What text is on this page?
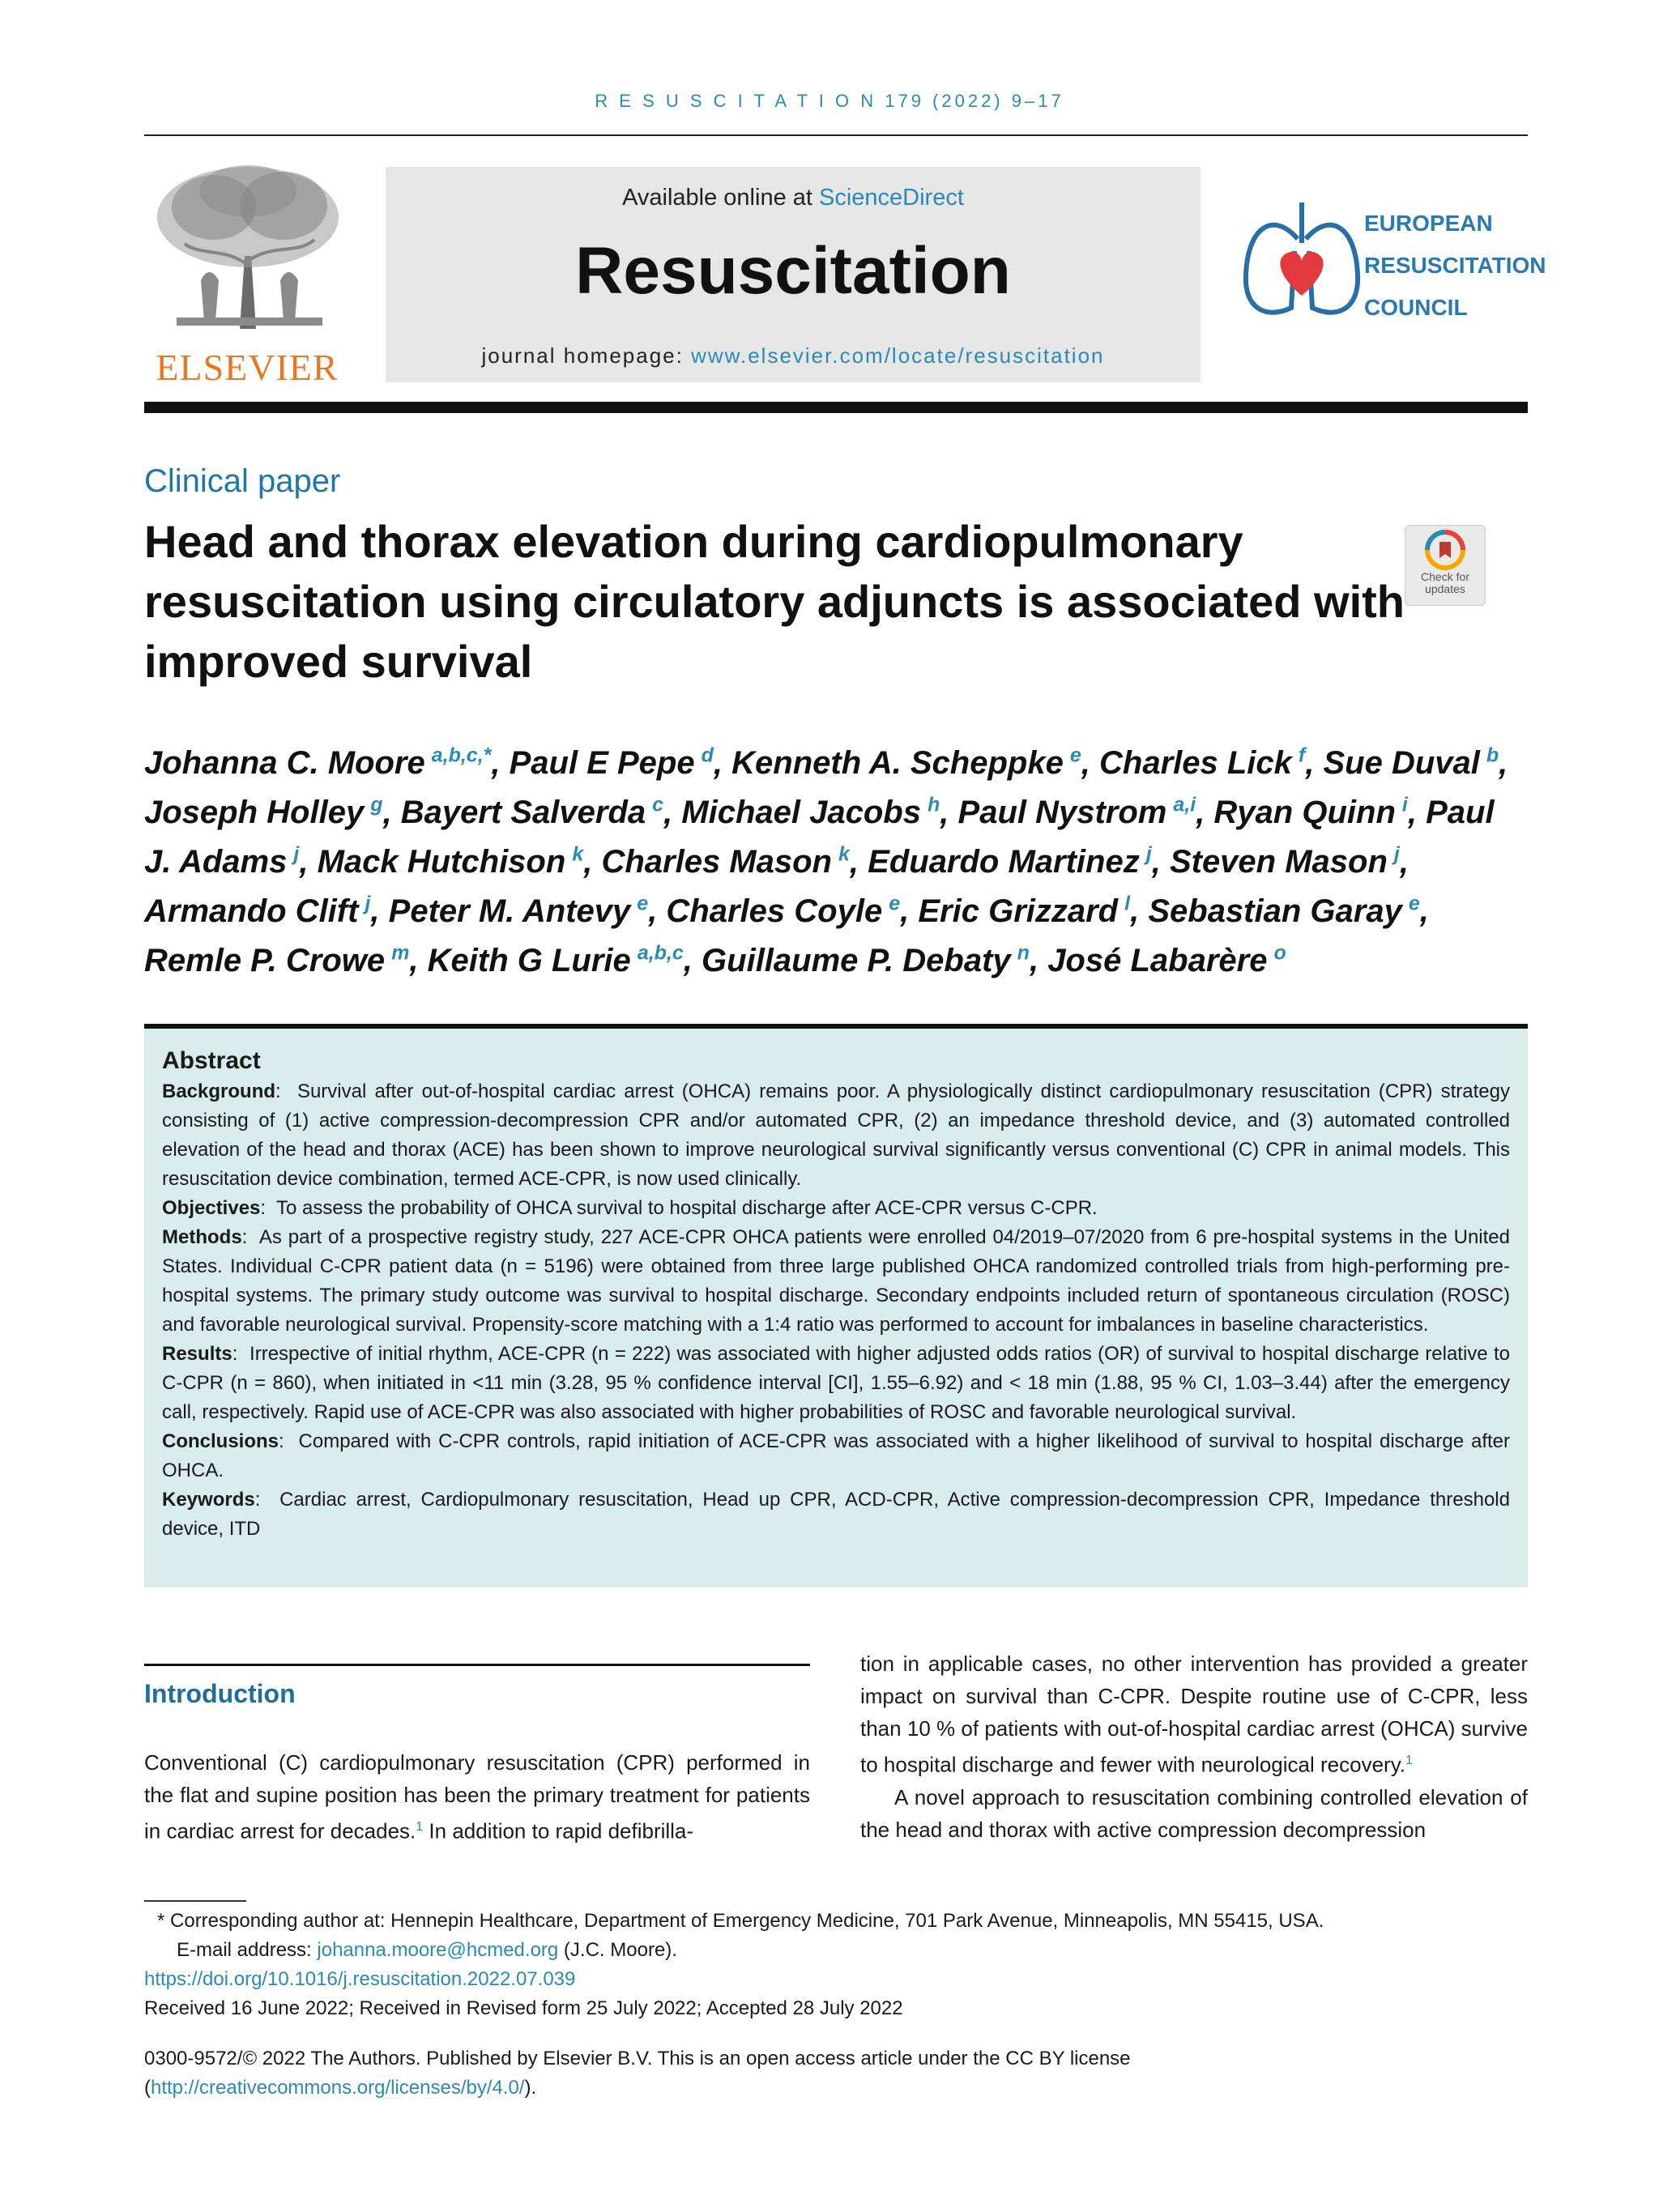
R E S U S C I T A T I O N 179 (2022) 9–17
ELSEVIER
Available online at ScienceDirect
Resuscitation
journal homepage: www.elsevier.com/locate/resuscitation
EUROPEAN
RESUSCITATION
COUNCIL
Clinical paper
Head and thorax elevation during cardiopulmonary resuscitation using circulatory adjuncts is associated with improved survival
Check for updates
Johanna C. Moore  $^{a,b,c,*}$, Paul E Pepe  $^d$, Kenneth A. Scheppke  $^e$, Charles Lick  $^f$, Sue Duval  $^b$, Joseph Holley  $^g$, Bayert Salverda  $^c$, Michael Jacobs  $^h$, Paul Nystrom  $^{a,i}$, Ryan Quinn  $^i$, Paul J. Adams  $^j$, Mack Hutchison  $^k$, Charles Mason  $^k$, Eduardo Martinez  $^j$, Steven Mason  $^j$, Armando Clift  $^j$, Peter M. Antevy  $^e$, Charles Coyle  $^e$, Eric Grizzard  $^l$, Sebastian Garay  $^e$, Remle P. Crowe  $^m$, Keith G Lurie  $^{a,b,c}$, Guillaume P. Debaty  $^n$, José Labarère  $^o$
Abstract

Background:  Survival after out-of-hospital cardiac arrest (OHCA) remains poor. A physiologically distinct cardiopulmonary resuscitation (CPR) strategy consisting of (1) active compression-decompression CPR and/or automated CPR, (2) an impedance threshold device, and (3) automated controlled elevation of the head and thorax (ACE) has been shown to improve neurological survival significantly versus conventional (C) CPR in animal models. This resuscitation device combination, termed ACE-CPR, is now used clinically.

Objectives:  To assess the probability of OHCA survival to hospital discharge after ACE-CPR versus C-CPR.

Methods:  As part of a prospective registry study, 227 ACE-CPR OHCA patients were enrolled 04/2019–07/2020 from 6 pre-hospital systems in the United States. Individual C-CPR patient data (n = 5196) were obtained from three large published OHCA randomized controlled trials from high-performing pre-hospital systems. The primary study outcome was survival to hospital discharge. Secondary endpoints included return of spontaneous circulation (ROSC) and favorable neurological survival. Propensity-score matching with a 1:4 ratio was performed to account for imbalances in baseline characteristics.

Results:  Irrespective of initial rhythm, ACE-CPR (n = 222) was associated with higher adjusted odds ratios (OR) of survival to hospital discharge relative to C-CPR (n = 860), when initiated in <11 min (3.28, 95 % confidence interval [CI], 1.55–6.92) and < 18 min (1.88, 95 % CI, 1.03–3.44) after the emergency call, respectively. Rapid use of ACE-CPR was also associated with higher probabilities of ROSC and favorable neurological survival.

Conclusions:  Compared with C-CPR controls, rapid initiation of ACE-CPR was associated with a higher likelihood of survival to hospital discharge after OHCA.

Keywords:  Cardiac arrest, Cardiopulmonary resuscitation, Head up CPR, ACD-CPR, Active compression-decompression CPR, Impedance threshold device, ITD

Introduction
Conventional (C) cardiopulmonary resuscitation (CPR) performed in the flat and supine position has been the primary treatment for patients in cardiac arrest for decades.$^1$ In addition to rapid defibrilla-

tion in applicable cases, no other intervention has provided a greater impact on survival than C-CPR. Despite routine use of C-CPR, less than 10 % of patients with out-of-hospital cardiac arrest (OHCA) survive to hospital discharge and fewer with neurological recovery.$^1$

A novel approach to resuscitation combining controlled elevation of the head and thorax with active compression decompression

* Corresponding author at: Hennepin Healthcare, Department of Emergency Medicine, 701 Park Avenue, Minneapolis, MN 55415, USA.

E-mail address: johanna.moore@hcmed.org (J.C. Moore).

https://doi.org/10.1016/j.resuscitation.2022.07.039

Received 16 June 2022; Received in Revised form 25 July 2022; Accepted 28 July 2022

0300-9572/© 2022 The Authors. Published by Elsevier B.V. This is an open access article under the CC BY license (http://creativecommons.org/licenses/by/4.0/).
